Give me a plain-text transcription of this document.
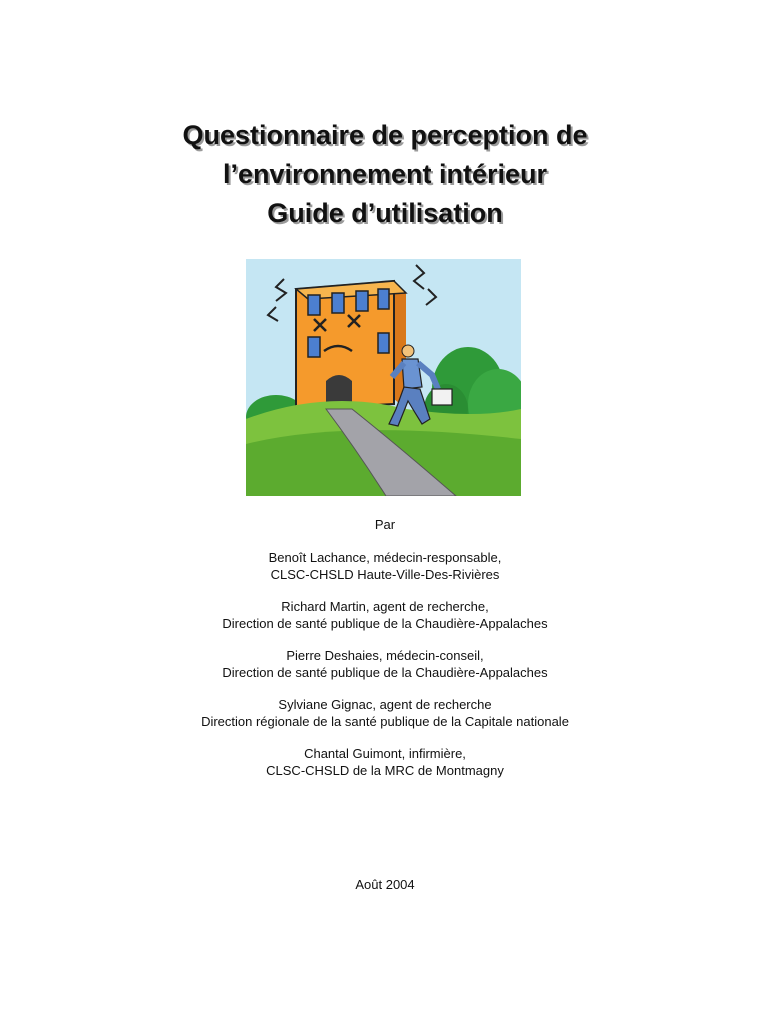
Questionnaire de perception de
l’environnement intérieur
Guide d’utilisation
Par
Benoît Lachance, médecin-responsable,
CLSC-CHSLD Haute-Ville-Des-Rivières
Richard Martin, agent de recherche,
Direction de santé publique de la Chaudière-Appalaches
Pierre Deshaies, médecin-conseil,
Direction de santé publique de la Chaudière-Appalaches
Sylviane Gignac, agent de recherche
Direction régionale de la santé publique de la Capitale nationale
Chantal Guimont, infirmière,
CLSC-CHSLD de la MRC de Montmagny
Août 2004
